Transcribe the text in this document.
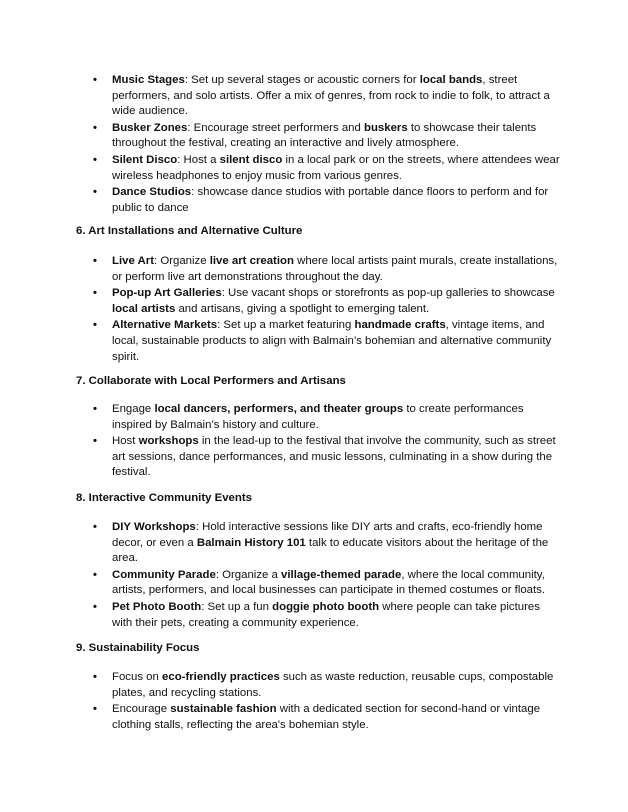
• Music Stages: Set up several stages or acoustic corners for local bands, street performers, and solo artists. Offer a mix of genres, from rock to indie to folk, to attract a wide audience.
• Busker Zones: Encourage street performers and buskers to showcase their talents throughout the festival, creating an interactive and lively atmosphere.
• Silent Disco: Host a silent disco in a local park or on the streets, where attendees wear wireless headphones to enjoy music from various genres.
• Dance Studios: showcase dance studios with portable dance floors to perform and for public to dance
6. Art Installations and Alternative Culture
• Live Art: Organize live art creation where local artists paint murals, create installations, or perform live art demonstrations throughout the day.
• Pop-up Art Galleries: Use vacant shops or storefronts as pop-up galleries to showcase local artists and artisans, giving a spotlight to emerging talent.
• Alternative Markets: Set up a market featuring handmade crafts, vintage items, and local, sustainable products to align with Balmain’s bohemian and alternative community spirit.
7. Collaborate with Local Performers and Artisans
• Engage local dancers, performers, and theater groups to create performances inspired by Balmain’s history and culture.
• Host workshops in the lead-up to the festival that involve the community, such as street art sessions, dance performances, and music lessons, culminating in a show during the festival.
8. Interactive Community Events
• DIY Workshops: Hold interactive sessions like DIY arts and crafts, eco-friendly home decor, or even a Balmain History 101 talk to educate visitors about the heritage of the area.
• Community Parade: Organize a village-themed parade, where the local community, artists, performers, and local businesses can participate in themed costumes or floats.
• Pet Photo Booth: Set up a fun doggie photo booth where people can take pictures with their pets, creating a community experience.
9. Sustainability Focus
• Focus on eco-friendly practices such as waste reduction, reusable cups, compostable plates, and recycling stations.
• Encourage sustainable fashion with a dedicated section for second-hand or vintage clothing stalls, reflecting the area's bohemian style.
